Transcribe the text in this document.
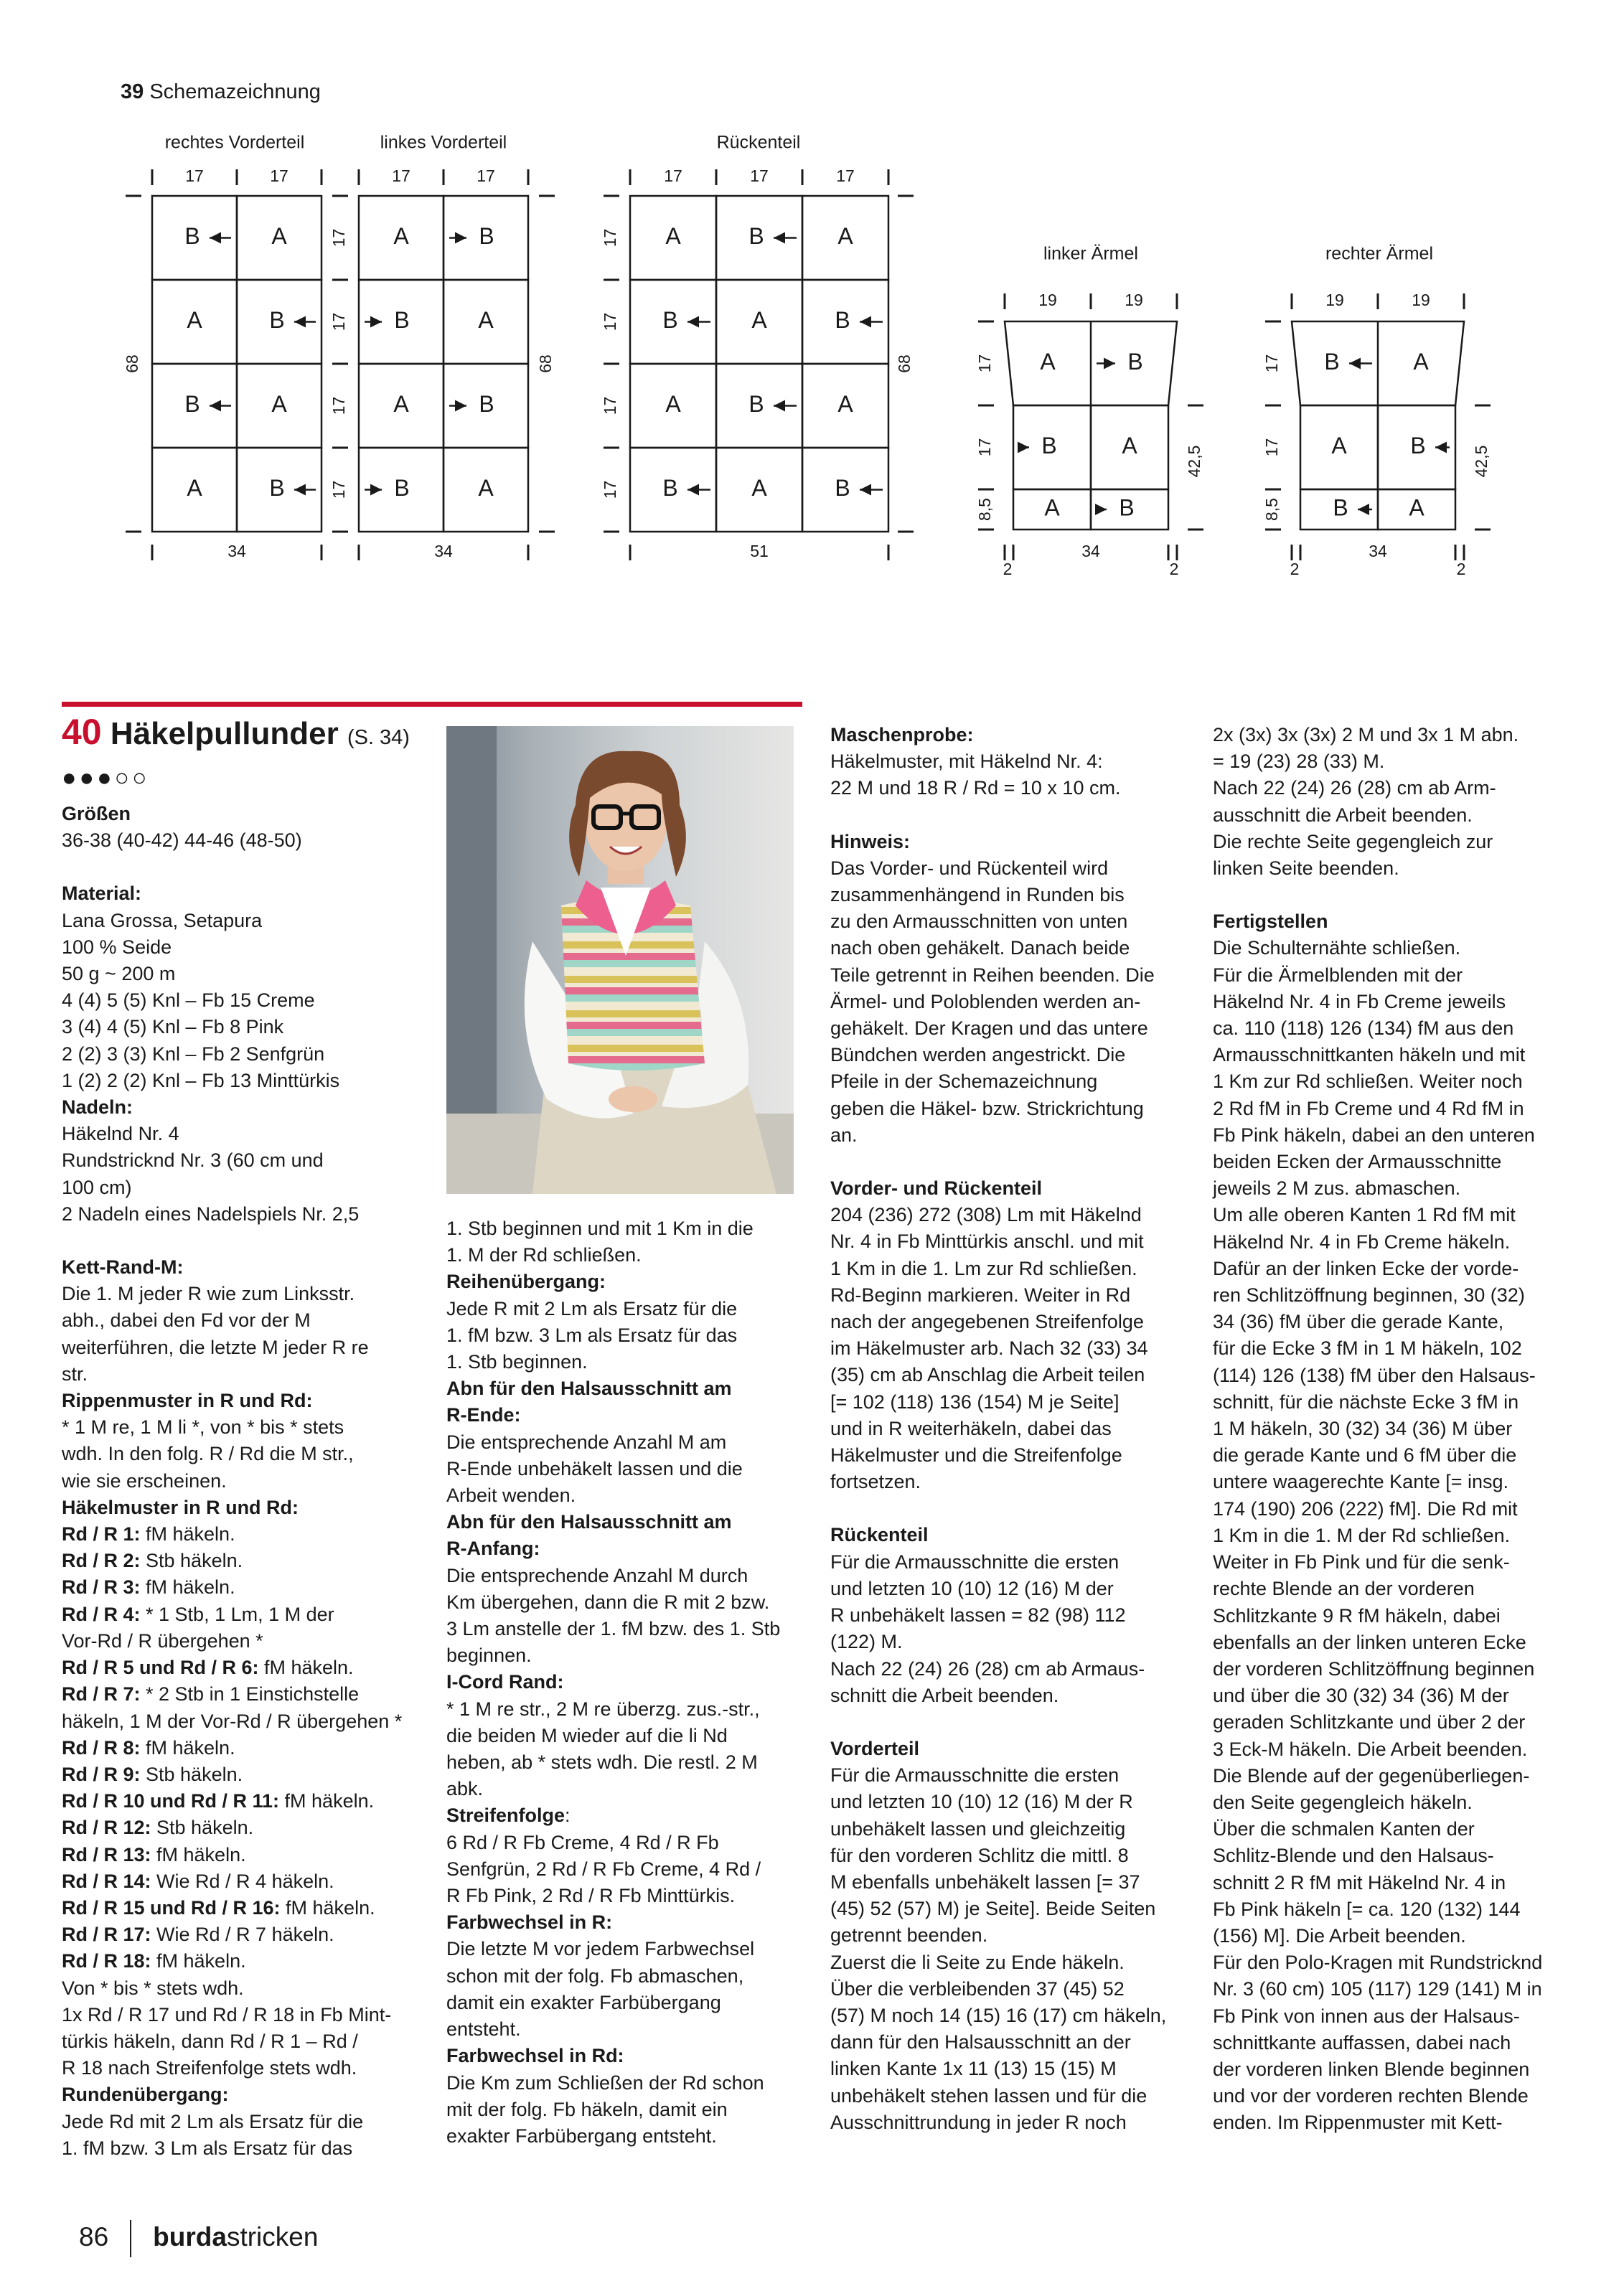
39 Schemazeichnung
rechtes Vorderteil	linkes Vorderteil	Rückenteil
linker Ärmel	rechter Ärmel
B	A
A	B
B	A
A	B
A	B
B	A
A	B
B	A
A	B	A
B	A	B
A	B	A
B	A	B
17	17	17	17	17	17	17
34	34	51
68	68	68
17	17
17	17
17	17
17	17
A	B
B	A
A	B
19	19
17
17
8,5
42,5
34
2	2
B	A
A	B
B	A
19	19
17
17
8,5
42,5
34
2	2
40 Häkelpullunder (S. 34)
●●●○○

Größen

36-38 (40-42) 44-46 (48-50)

Material:

Lana Grossa, Setapura

100 % Seide

50 g ~ 200 m

4 (4) 5 (5) Knl – Fb 15 Creme

3 (4) 4 (5) Knl – Fb 8 Pink

2 (2) 3 (3) Knl – Fb 2 Senfgrün

1 (2) 2 (2) Knl – Fb 13 Minttürkis

Nadeln:

Häkelnd Nr. 4

Rundstricknd Nr. 3 (60 cm und

100 cm)

2 Nadeln eines Nadelspiels Nr. 2,5

Kett-Rand-M:

Die 1. M jeder R wie zum Linksstr.

abh., dabei den Fd vor der M

weiterführen, die letzte M jeder R re

str.

Rippenmuster in R und Rd:

* 1 M re, 1 M li *, von * bis * stets

wdh. In den folg. R / Rd die M str.,

wie sie erscheinen.

Häkelmuster in R und Rd:

Rd / R 1: fM häkeln.

Rd / R 2: Stb häkeln.

Rd / R 3: fM häkeln.

Rd / R 4: * 1 Stb, 1 Lm, 1 M der

Vor-Rd / R übergehen *

Rd / R 5 und Rd / R 6: fM häkeln.

Rd / R 7: * 2 Stb in 1 Einstichstelle

häkeln, 1 M der Vor-Rd / R übergehen *

Rd / R 8: fM häkeln.

Rd / R 9: Stb häkeln.

Rd / R 10 und Rd / R 11: fM häkeln.

Rd / R 12: Stb häkeln.

Rd / R 13: fM häkeln.

Rd / R 14: Wie Rd / R 4 häkeln.

Rd / R 15 und Rd / R 16: fM häkeln.

Rd / R 17: Wie Rd / R 7 häkeln.

Rd / R 18: fM häkeln.

Von * bis * stets wdh.

1x Rd / R 17 und Rd / R 18 in Fb Mint-

türkis häkeln, dann Rd / R 1 – Rd /

R 18 nach Streifenfolge stets wdh.

Rundenübergang:

Jede Rd mit 2 Lm als Ersatz für die

1. fM bzw. 3 Lm als Ersatz für das

1. Stb beginnen und mit 1 Km in die

1. M der Rd schließen.

Reihenübergang:

Jede R mit 2 Lm als Ersatz für die

1. fM bzw. 3 Lm als Ersatz für das

1. Stb beginnen.

Abn für den Halsausschnitt am

R-Ende:

Die entsprechende Anzahl M am

R-Ende unbehäkelt lassen und die

Arbeit wenden.

Abn für den Halsausschnitt am

R-Anfang:

Die entsprechende Anzahl M durch

Km übergehen, dann die R mit 2 bzw.

3 Lm anstelle der 1. fM bzw. des 1. Stb

beginnen.

I-Cord Rand:

* 1 M re str., 2 M re überzg. zus.-str.,

die beiden M wieder auf die li Nd

heben, ab * stets wdh. Die restl. 2 M abk.

Streifenfolge:

6 Rd / R Fb Creme, 4 Rd / R Fb

Senfgrün, 2 Rd / R Fb Creme, 4 Rd /

R Fb Pink, 2 Rd / R Fb Minttürkis.

Farbwechsel in R:

Die letzte M vor jedem Farbwechsel

schon mit der folg. Fb abmaschen,

damit ein exakter Farbübergang

entsteht.

Farbwechsel in Rd:

Die Km zum Schließen der Rd schon

mit der folg. Fb häkeln, damit ein

exakter Farbübergang entsteht.

Maschenprobe:

Häkelmuster, mit Häkelnd Nr. 4:

22 M und 18 R / Rd = 10 x 10 cm.

Hinweis:

Das Vorder- und Rückenteil wird

zusammenhängend in Runden bis

zu den Armausschnitten von unten

nach oben gehäkelt. Danach beide

Teile getrennt in Reihen beenden. Die

Ärmel- und Poloblenden werden an-

gehäkelt. Der Kragen und das untere

Bündchen werden angestrickt. Die

Pfeile in der Schemazeichnung

geben die Häkel- bzw. Strickrichtung

an.

Vorder- und Rückenteil

204 (236) 272 (308) Lm mit Häkelnd

Nr. 4 in Fb Minttürkis anschl. und mit

1 Km in die 1. Lm zur Rd schließen.

Rd-Beginn markieren. Weiter in Rd

nach der angegebenen Streifenfolge

im Häkelmuster arb. Nach 32 (33) 34

(35) cm ab Anschlag die Arbeit teilen

[= 102 (118) 136 (154) M je Seite]

und in R weiterhäkeln, dabei das

Häkelmuster und die Streifenfolge

fortsetzen.

Rückenteil

Für die Armausschnitte die ersten

und letzten 10 (10) 12 (16) M der

R unbehäkelt lassen = 82 (98) 112

(122) M.

Nach 22 (24) 26 (28) cm ab Armaus-

schnitt die Arbeit beenden.

Vorderteil

Für die Armausschnitte die ersten

und letzten 10 (10) 12 (16) M der R

unbehäkelt lassen und gleichzeitig

für den vorderen Schlitz die mittl. 8

M ebenfalls unbehäkelt lassen [= 37

(45) 52 (57) M) je Seite]. Beide Seiten

getrennt beenden.

Zuerst die li Seite zu Ende häkeln.

Über die verbleibenden 37 (45) 52

(57) M noch 14 (15) 16 (17) cm häkeln,

dann für den Halsausschnitt an der

linken Kante 1x 11 (13) 15 (15) M

unbehäkelt stehen lassen und für die

Ausschnittrundung in jeder R noch

2x (3x) 3x (3x) 2 M und 3x 1 M abn.

= 19 (23) 28 (33) M.

Nach 22 (24) 26 (28) cm ab Arm-

ausschnitt die Arbeit beenden.

Die rechte Seite gegengleich zur

linken Seite beenden.

Fertigstellen

Die Schulternähte schließen.

Für die Ärmelblenden mit der

Häkelnd Nr. 4 in Fb Creme jeweils

ca. 110 (118) 126 (134) fM aus den

Armausschnittkanten häkeln und mit

1 Km zur Rd schließen. Weiter noch

2 Rd fM in Fb Creme und 4 Rd fM in

Fb Pink häkeln, dabei an den unteren

beiden Ecken der Armausschnitte

jeweils 2 M zus. abmaschen.

Um alle oberen Kanten 1 Rd fM mit

Häkelnd Nr. 4 in Fb Creme häkeln.

Dafür an der linken Ecke der vorde-

ren Schlitzöffnung beginnen, 30 (32)

34 (36) fM über die gerade Kante,

für die Ecke 3 fM in 1 M häkeln, 102

(114) 126 (138) fM über den Halsaus-

schnitt, für die nächste Ecke 3 fM in

1 M häkeln, 30 (32) 34 (36) M über

die gerade Kante und 6 fM über die

untere waagerechte Kante [= insg.

174 (190) 206 (222) fM]. Die Rd mit

1 Km in die 1. M der Rd schließen.

Weiter in Fb Pink und für die senk-

rechte Blende an der vorderen

Schlitzkante 9 R fM häkeln, dabei

ebenfalls an der linken unteren Ecke

der vorderen Schlitzöffnung beginnen

und über die 30 (32) 34 (36) M der

geraden Schlitzkante und über 2 der

3 Eck-M häkeln. Die Arbeit beenden.

Die Blende auf der gegenüberliegen-

den Seite gegengleich häkeln.

Über die schmalen Kanten der

Schlitz-Blende und den Halsaus-

schnitt 2 R fM mit Häkelnd Nr. 4 in

Fb Pink häkeln [= ca. 120 (132) 144

(156) M]. Die Arbeit beenden.

Für den Polo-Kragen mit Rundstricknd

Nr. 3 (60 cm) 105 (117) 129 (141) M in

Fb Pink von innen aus der Halsaus-

schnittkante auffassen, dabei nach

der vorderen linken Blende beginnen

und vor der vorderen rechten Blende

enden. Im Rippenmuster mit Kett-

86 burdastricken
